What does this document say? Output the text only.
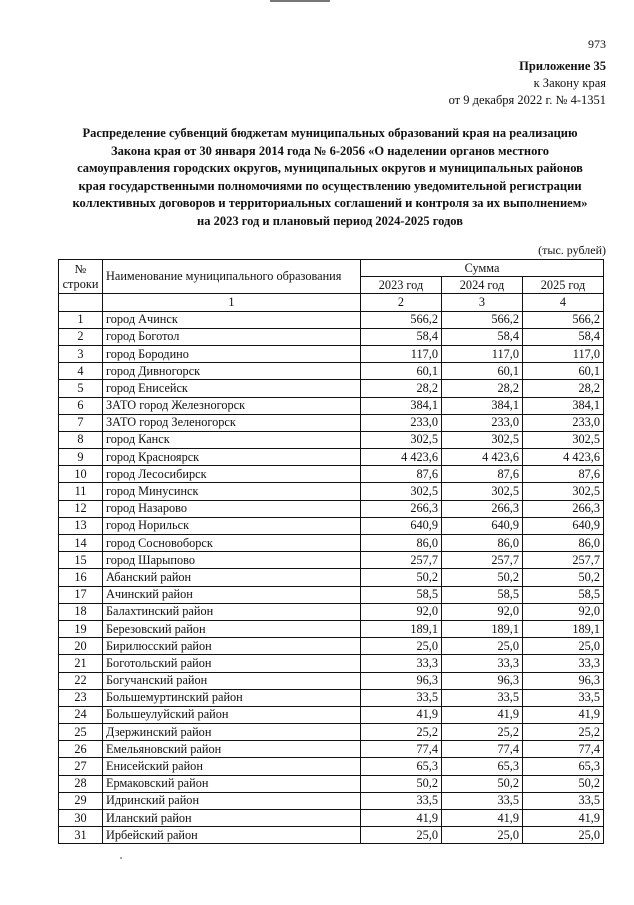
973
Приложение 35
к Закону края
от 9 декабря 2022 г. № 4-1351
Распределение субвенций бюджетам муниципальных образований края на реализацию
Закона края от 30 января 2014 года № 6-2056 «О наделении органов местного
самоуправления городских округов, муниципальных округов и муниципальных районов
края государственными полномочиями по осуществлению уведомительной регистрации
коллективных договоров и территориальных соглашений и контроля за их выполнением»
на 2023 год и плановый период 2024-2025 годов
(тыс. рублей)
№
строки	Наименование муниципального образования	Сумма		
		2023 год	2024 год	2025 год
	1	2	3	4
1	город Ачинск	566,2	566,2	566,2
2	город Боготол	58,4	58,4	58,4
3	город Бородино	117,0	117,0	117,0
4	город Дивногорск	60,1	60,1	60,1
5	город Енисейск	28,2	28,2	28,2
6	ЗАТО город Железногорск	384,1	384,1	384,1
7	ЗАТО город Зеленогорск	233,0	233,0	233,0
8	город Канск	302,5	302,5	302,5
9	город Красноярск	4 423,6	4 423,6	4 423,6
10	город Лесосибирск	87,6	87,6	87,6
11	город Минусинск	302,5	302,5	302,5
12	город Назарово	266,3	266,3	266,3
13	город Норильск	640,9	640,9	640,9
14	город Сосновоборск	86,0	86,0	86,0
15	город Шарыпово	257,7	257,7	257,7
16	Абанский район	50,2	50,2	50,2
17	Ачинский район	58,5	58,5	58,5
18	Балахтинский район	92,0	92,0	92,0
19	Березовский район	189,1	189,1	189,1
20	Бирилюсский район	25,0	25,0	25,0
21	Боготольский район	33,3	33,3	33,3
22	Богучанский район	96,3	96,3	96,3
23	Большемуртинский район	33,5	33,5	33,5
24	Большеулуйский район	41,9	41,9	41,9
25	Дзержинский район	25,2	25,2	25,2
26	Емельяновский район	77,4	77,4	77,4
27	Енисейский район	65,3	65,3	65,3
28	Ермаковский район	50,2	50,2	50,2
29	Идринский район	33,5	33,5	33,5
30	Иланский район	41,9	41,9	41,9
31	Ирбейский район	25,0	25,0	25,0
